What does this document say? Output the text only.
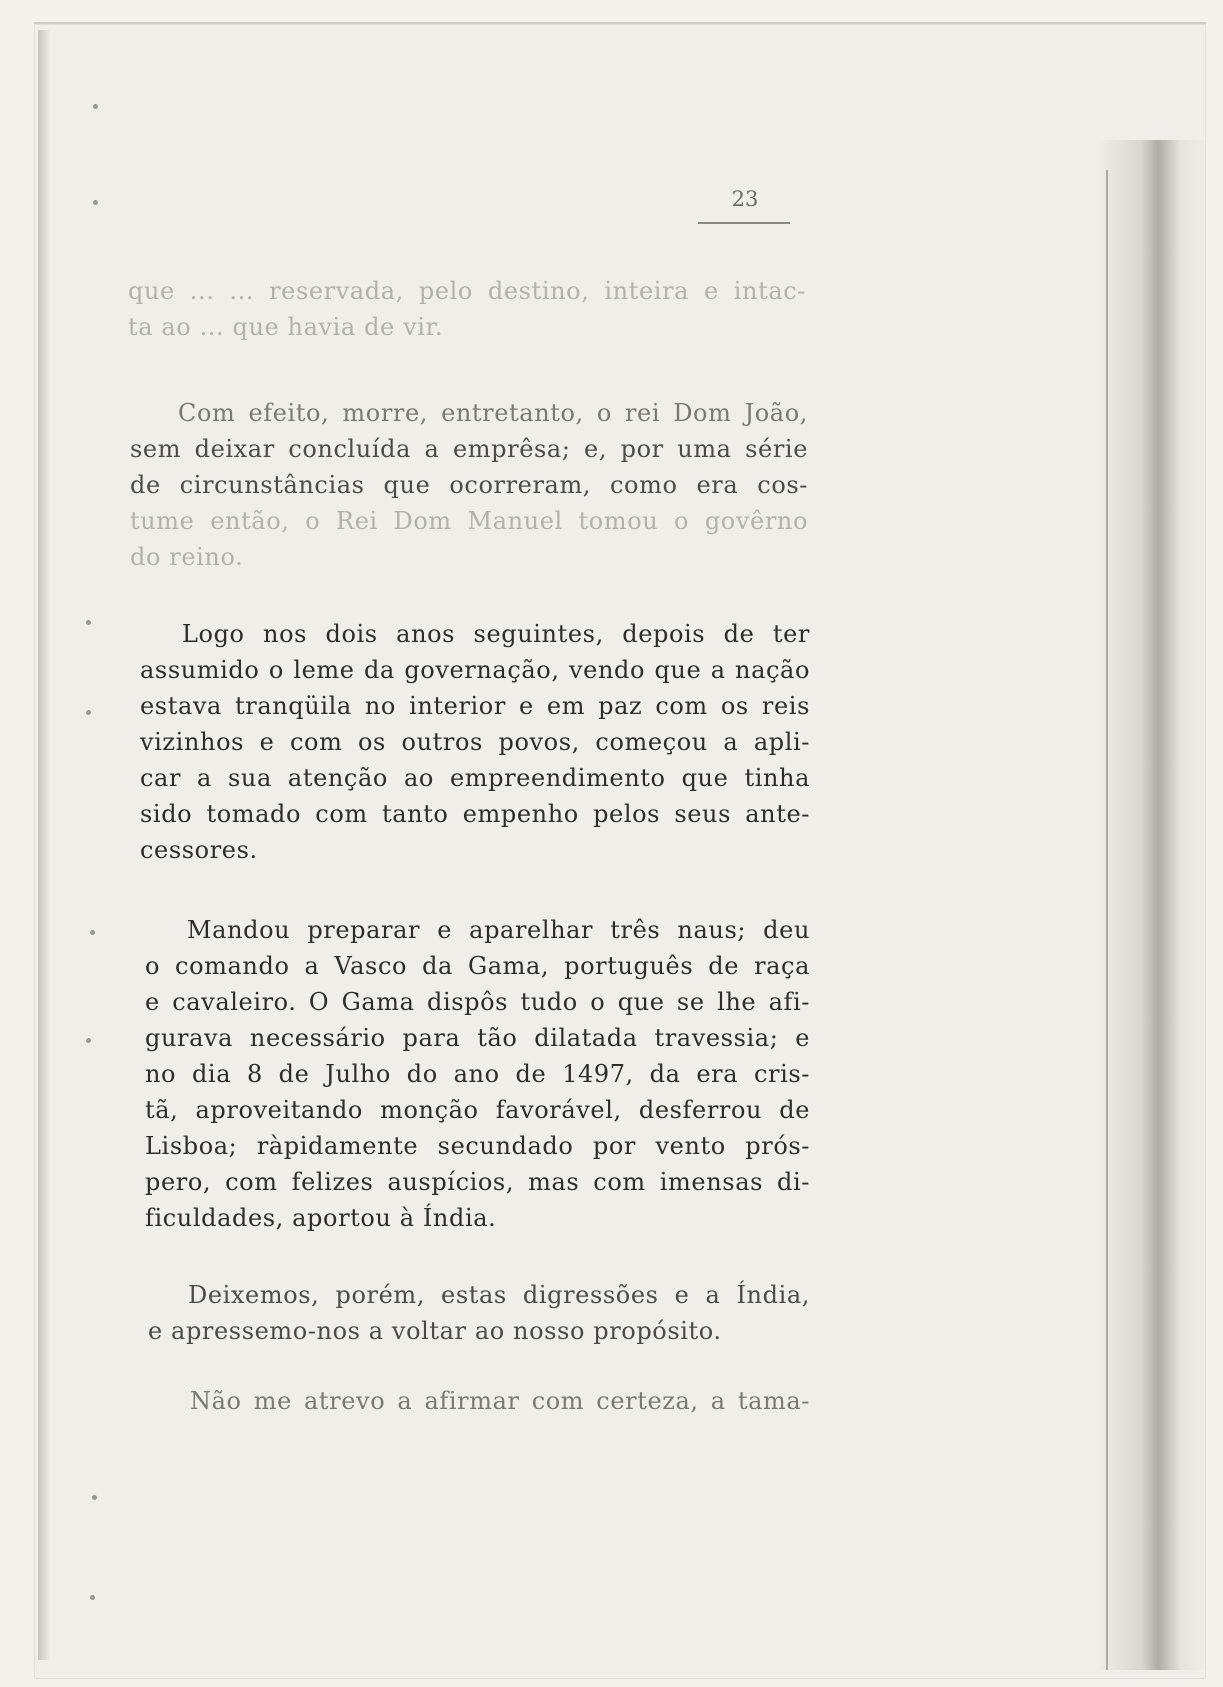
23

que ... ... reservada, pelo destino, inteira e intac-
ta ao ... que havia de vir.

Com efeito, morre, entretanto, o rei Dom João,
sem deixar concluída a emprêsa; e, por uma série
de circunstâncias que ocorreram, como era cos-
tume então, o Rei Dom Manuel tomou o govêrno
do reino.

Logo nos dois anos seguintes, depois de ter
assumido o leme da governação, vendo que a nação
estava tranqüila no interior e em paz com os reis
vizinhos e com os outros povos, começou a apli-
car a sua atenção ao empreendimento que tinha
sido tomado com tanto empenho pelos seus ante-
cessores.

Mandou preparar e aparelhar três naus; deu
o comando a Vasco da Gama, português de raça
e cavaleiro. O Gama dispôs tudo o que se lhe afi-
gurava necessário para tão dilatada travessia; e
no dia 8 de Julho do ano de 1497, da era cris-
tã, aproveitando monção favorável, desferrou de
Lisboa; ràpidamente secundado por vento prós-
pero, com felizes auspícios, mas com imensas di-
ficuldades, aportou à Índia.

Deixemos, porém, estas digressões e a Índia,
e apressemo-nos a voltar ao nosso propósito.

Não me atrevo a afirmar com certeza, a tama-
